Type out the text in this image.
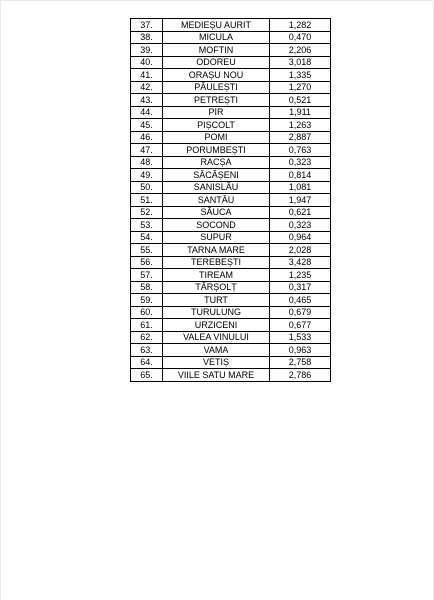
37.	MEDIEȘU AURIT	1,282
38.	MICULA	0,470
39.	MOFTIN	2,206
40.	ODOREU	3,018
41.	ORAȘU NOU	1,335
42.	PĂULEȘTI	1,270
43.	PETREȘTI	0,521
44.	PIR	1,911
45.	PIȘCOLT	1,263
46.	POMI	2,887
47.	PORUMBEȘTI	0,763
48.	RACȘA	0,323
49.	SĂCĂȘENI	0,814
50.	SANISLĂU	1,081
51.	SANTĂU	1,947
52.	SĂUCA	0,621
53.	SOCOND	0,323
54.	SUPUR	0,964
55.	TARNA MARE	2,028
56.	TEREBEȘTI	3,428
57.	TIREAM	1,235
58.	TÂRȘOLȚ	0,317
59.	TURT	0,465
60.	TURULUNG	0,679
61.	URZICENI	0,677
62.	VALEA VINULUI	1,533
63.	VAMA	0,963
64.	VETIȘ	2,758
65.	VIILE SATU MARE	2,786
